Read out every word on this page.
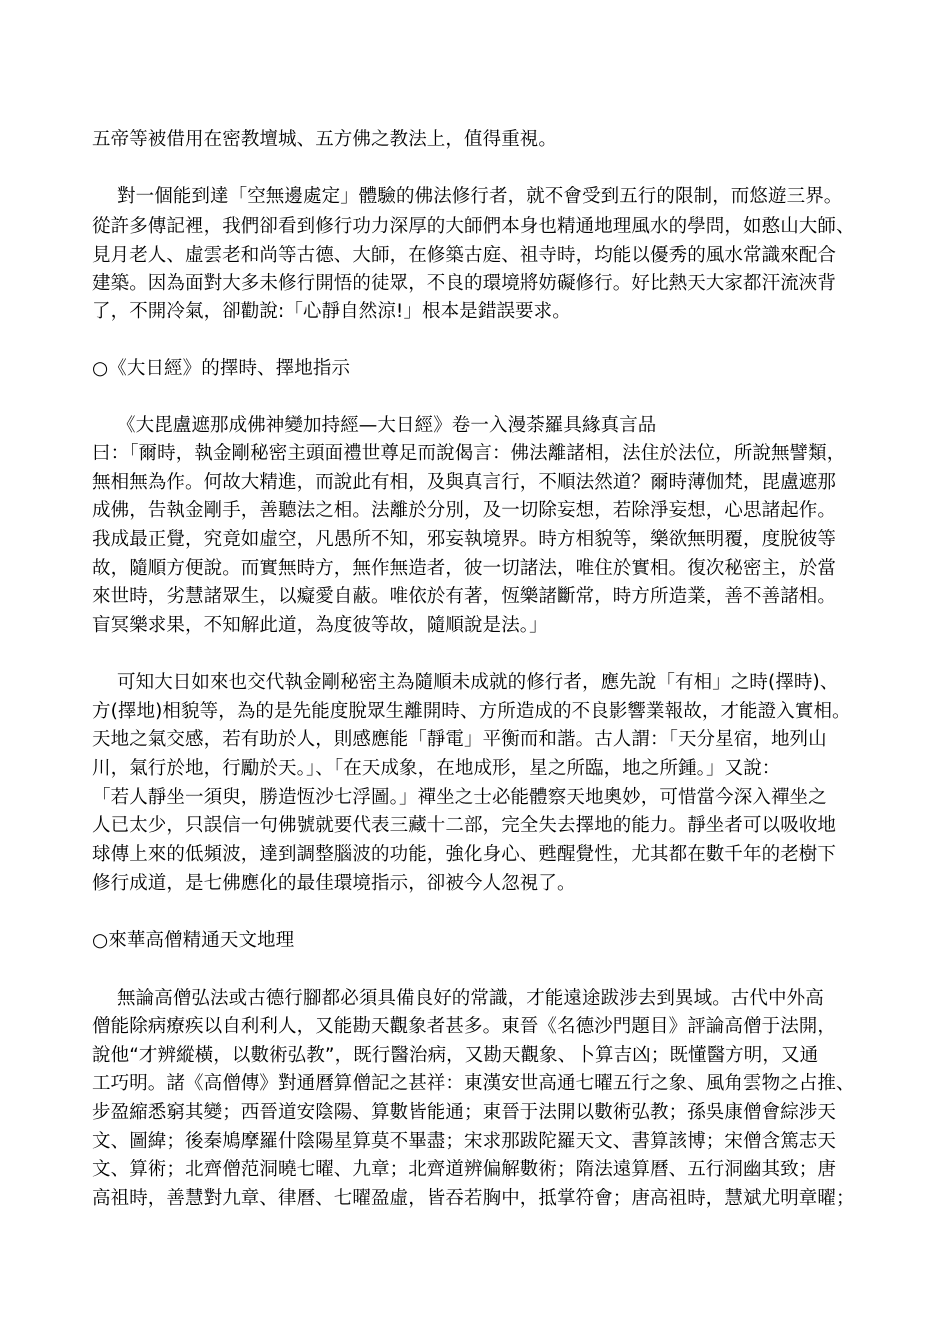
五帝等被借用在密教壇城、五方佛之教法上，值得重視。
對一個能到達「空無邊處定」體驗的佛法修行者，就不會受到五行的限制，而悠遊三界。
從許多傳記裡，我們卻看到修行功力深厚的大師們本身也精通地理風水的學問，如憨山大師、
見月老人、虛雲老和尚等古德、大師，在修築古庭、祖寺時，均能以優秀的風水常識來配合
建築。因為面對大多未修行開悟的徒眾，不良的環境將妨礙修行。好比熱天大家都汗流浹背
了，不開冷氣，卻勸說:「心靜自然涼!」根本是錯誤要求。
○《大日經》的擇時、擇地指示
《大毘盧遮那成佛神變加持經—大日經》卷一入漫荼羅具緣真言品
曰：「爾時，執金剛秘密主頭面禮世尊足而說偈言：佛法離諸相，法住於法位，所說無譬類，
無相無為作。何故大精進，而說此有相，及與真言行，不順法然道？爾時薄伽梵，毘盧遮那
成佛，告執金剛手，善聽法之相。法離於分別，及一切除妄想，若除淨妄想，心思諸起作。
我成最正覺，究竟如虛空，凡愚所不知，邪妄執境界。時方相貌等，樂欲無明覆，度脫彼等
故，隨順方便說。而實無時方，無作無造者，彼一切諸法，唯住於實相。復次秘密主，於當
來世時，劣慧諸眾生，以癡愛自蔽。唯依於有著，恆樂諸斷常，時方所造業，善不善諸相。
盲冥樂求果，不知解此道，為度彼等故，隨順說是法。」
可知大日如來也交代執金剛秘密主為隨順未成就的修行者，應先說「有相」之時(擇時)、
方(擇地)相貌等，為的是先能度脫眾生離開時、方所造成的不良影響業報故，才能證入實相。
天地之氣交感，若有助於人，則感應能「靜電」平衡而和諧。古人謂：「天分星宿，地列山
川，氣行於地，行勵於天。」、「在天成象，在地成形，星之所臨，地之所鍾。」又說：
「若人靜坐一須臾，勝造恆沙七浮圖。」禪坐之士必能體察天地奧妙，可惜當今深入禪坐之
人已太少，只誤信一句佛號就要代表三藏十二部，完全失去擇地的能力。靜坐者可以吸收地
球傳上來的低頻波，達到調整腦波的功能，強化身心、甦醒覺性，尤其都在數千年的老樹下
修行成道，是七佛應化的最佳環境指示，卻被今人忽視了。
○來華高僧精通天文地理
無論高僧弘法或古德行腳都必須具備良好的常識，才能遠途跋涉去到異域。古代中外高
僧能除病療疾以自利利人，又能勘天觀象者甚多。東晉《名德沙門題目》評論高僧于法開，
說他“才辨縱橫，以數術弘教”，既行醫治病，又勘天觀象、卜算吉凶；既懂醫方明，又通
工巧明。諸《高僧傳》對通曆算僧記之甚祥：東漢安世高通七曜五行之象、風角雲物之占推、
步盈縮悉窮其變；西晉道安陰陽、算數皆能通；東晉于法開以數術弘教；孫吳康僧會綜涉天
文、圖緯；後秦鳩摩羅什陰陽星算莫不畢盡；宋求那跋陀羅天文、書算該博；宋僧含篤志天
文、算術；北齊僧范洞曉七曜、九章；北齊道辨偏解數術；隋法遠算曆、五行洞幽其致；唐
高祖時，善慧對九章、律曆、七曜盈虛，皆吞若胸中，抵掌符會；唐高祖時，慧斌尤明章曜；
